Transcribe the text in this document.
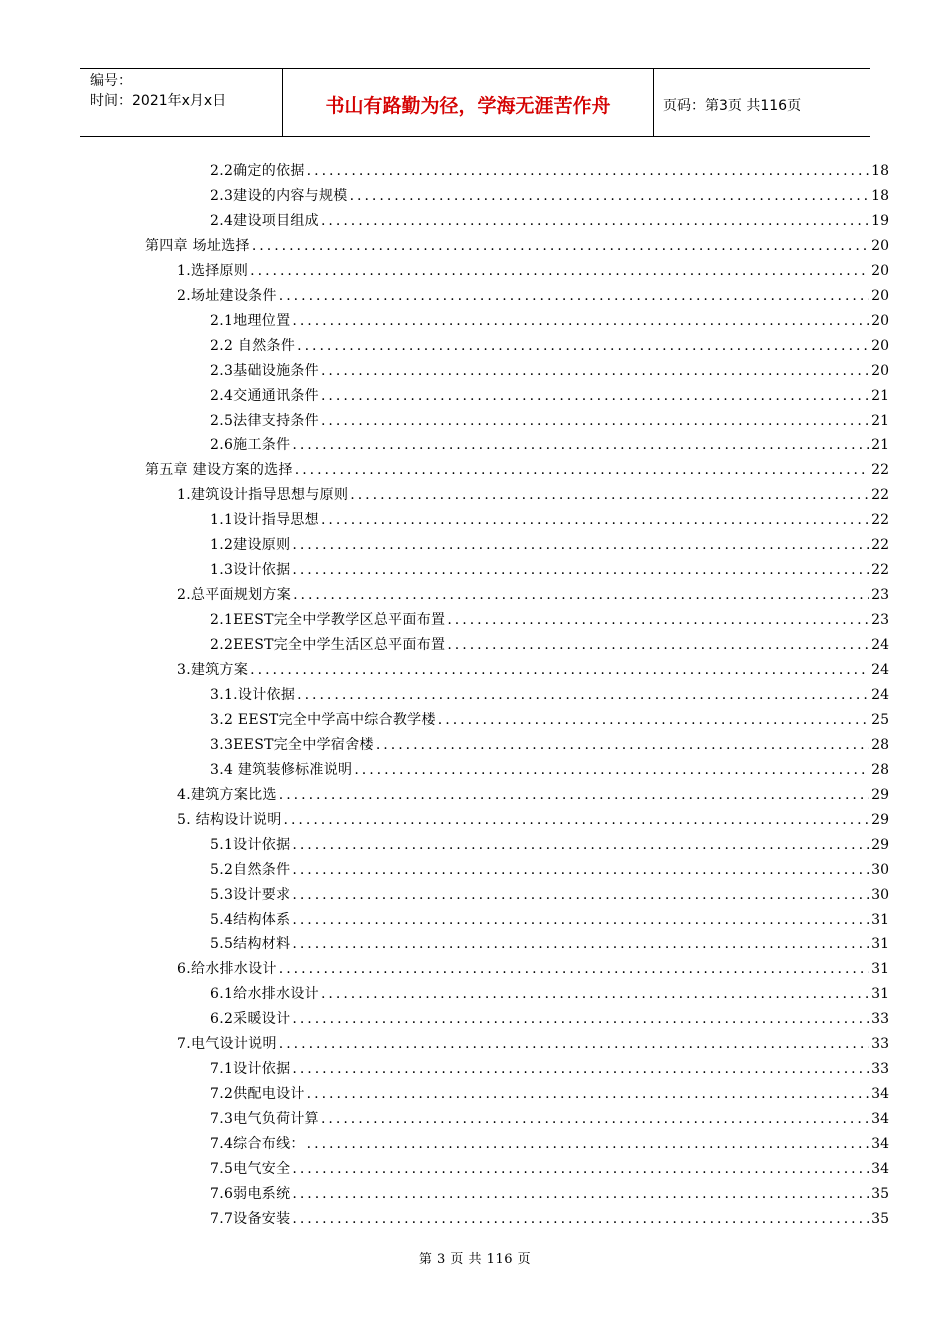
编号：
时间：2021年x月x日	书山有路勤为径，学海无涯苦作舟	页码：第3页 共116页
2.2确定的依据 .....	18
2.3建设的内容与规模 .....	18
2.4建设项目组成 .....	19
第四章 场址选择 .....	20
1.选择原则 .....	20
2.场址建设条件 .....	20
2.1地理位置 .....	20
2.2 自然条件 .....	20
2.3基础设施条件 .....	20
2.4交通通讯条件 .....	21
2.5法律支持条件 .....	21
2.6施工条件 .....	21
第五章 建设方案的选择 .....	22
1.建筑设计指导思想与原则 .....	22
1.1设计指导思想 .....	22
1.2建设原则 .....	22
1.3设计依据 .....	22
2.总平面规划方案 .....	23
2.1EEST完全中学教学区总平面布置 .....	23
2.2EEST完全中学生活区总平面布置 .....	24
3.建筑方案 .....	24
3.1.设计依据 .....	24
3.2 EEST完全中学高中综合教学楼 .....	25
3.3EEST完全中学宿舍楼 .....	28
3.4 建筑装修标准说明 .....	28
4.建筑方案比选 .....	29
5. 结构设计说明 .....	29
5.1设计依据 .....	29
5.2自然条件 .....	30
5.3设计要求 .....	30
5.4结构体系 .....	31
5.5结构材料 .....	31
6.给水排水设计 .....	31
6.1给水排水设计 .....	31
6.2采暖设计 .....	33
7.电气设计说明 .....	33
7.1设计依据 .....	33
7.2供配电设计 .....	34
7.3电气负荷计算 .....	34
7.4综合布线： .....	34
7.5电气安全 .....	34
7.6弱电系统 .....	35
7.7设备安装 .....	35
第 3 页 共 116 页
